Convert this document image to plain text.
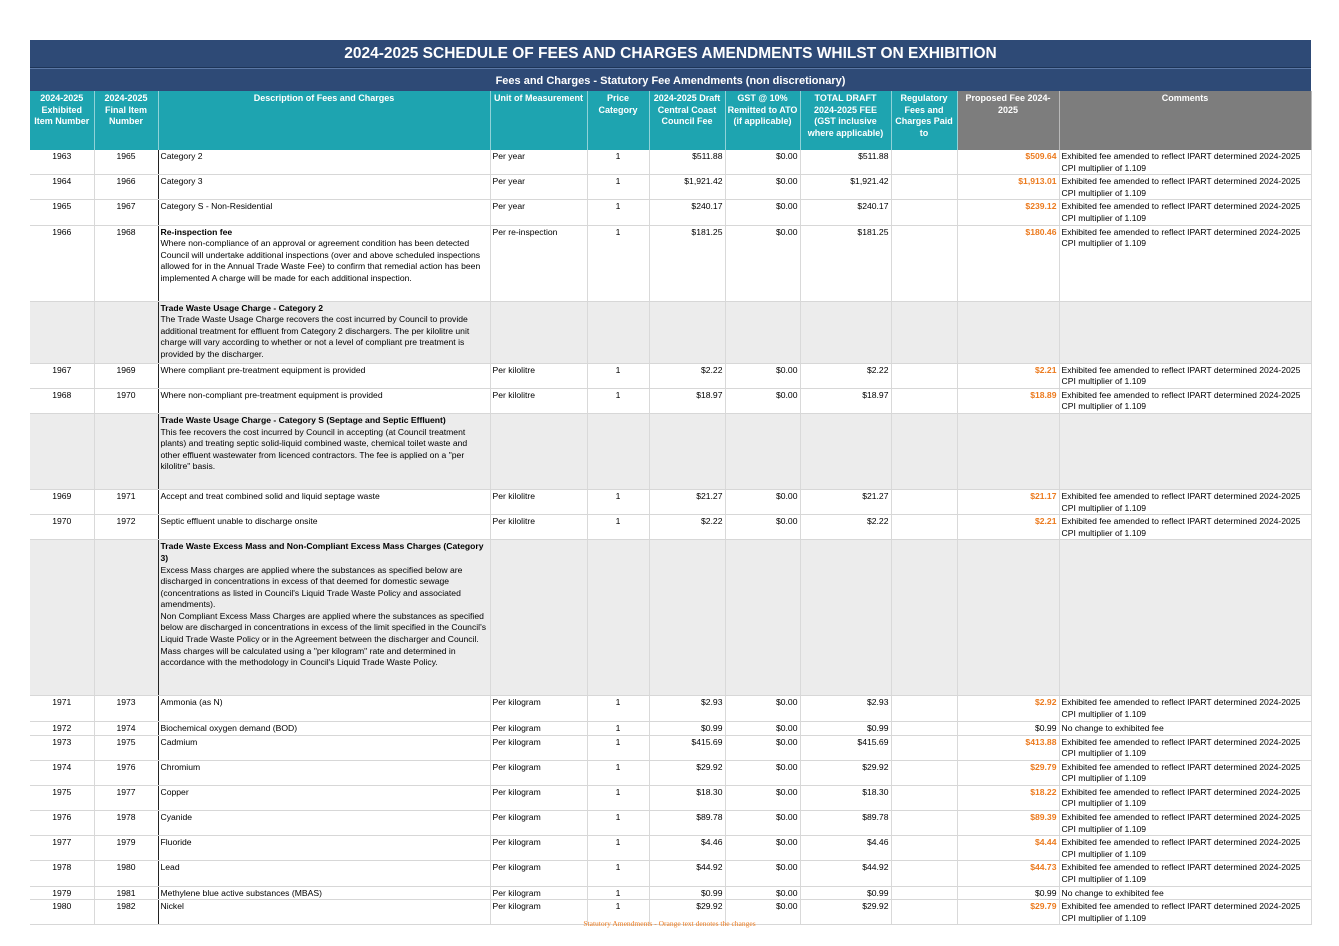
2024-2025 SCHEDULE OF FEES AND CHARGES AMENDMENTS WHILST ON EXHIBITION
Fees and Charges - Statutory Fee Amendments (non discretionary)
2024-2025 Exhibited Item Number	2024-2025 Final Item Number	Description of Fees and Charges	Unit of Measurement	Price Category	2024-2025 Draft Central Coast Council Fee	GST @ 10% Remitted to ATO (if applicable)	TOTAL DRAFT 2024-2025 FEE (GST inclusive where applicable)	Regulatory Fees and Charges Paid to	Proposed Fee 2024-2025	Comments
1963	1965	Category 2	Per year	1	$511.88	$0.00	$511.88		$509.64	Exhibited fee amended to reflect IPART determined 2024-2025 CPI multiplier of 1.109
1964	1966	Category 3	Per year	1	$1,921.42	$0.00	$1,921.42		$1,913.01	Exhibited fee amended to reflect IPART determined 2024-2025 CPI multiplier of 1.109
1965	1967	Category S - Non-Residential	Per year	1	$240.17	$0.00	$240.17		$239.12	Exhibited fee amended to reflect IPART determined 2024-2025 CPI multiplier of 1.109
1966	1968	Re-inspection fee
Where non-compliance of an approval or agreement condition has been detected Council will undertake additional inspections (over and above scheduled inspections allowed for in the Annual Trade Waste Fee) to confirm that remedial action has been implemented A charge will be made for each additional inspection.	Per re-inspection	1	$181.25	$0.00	$181.25		$180.46	Exhibited fee amended to reflect IPART determined 2024-2025 CPI multiplier of 1.109

		Trade Waste Usage Charge - Category 2
The Trade Waste Usage Charge recovers the cost incurred by Council to provide additional treatment for effluent from Category 2 dischargers. The per kilolitre unit charge will vary according to whether or not a level of compliant pre treatment is provided by the discharger.								

1967	1969	Where compliant pre-treatment equipment is provided	Per kilolitre	1	$2.22	$0.00	$2.22		$2.21	Exhibited fee amended to reflect IPART determined 2024-2025 CPI multiplier of 1.109
1968	1970	Where non-compliant pre-treatment equipment is provided	Per kilolitre	1	$18.97	$0.00	$18.97		$18.89	Exhibited fee amended to reflect IPART determined 2024-2025 CPI multiplier of 1.109

		Trade Waste Usage Charge - Category S (Septage and Septic Effluent)
This fee recovers the cost incurred by Council in accepting (at Council treatment plants) and treating septic solid-liquid combined waste, chemical toilet waste and other effluent wastewater from licenced contractors. The fee is applied on a "per kilolitre" basis.								

1969	1971	Accept and treat combined solid and liquid septage waste	Per kilolitre	1	$21.27	$0.00	$21.27		$21.17	Exhibited fee amended to reflect IPART determined 2024-2025 CPI multiplier of 1.109
1970	1972	Septic effluent unable to discharge onsite	Per kilolitre	1	$2.22	$0.00	$2.22		$2.21	Exhibited fee amended to reflect IPART determined 2024-2025 CPI multiplier of 1.109

		Trade Waste Excess Mass and Non-Compliant Excess Mass Charges (Category 3)
Excess Mass charges are applied where the substances as specified below are discharged in concentrations in excess of that deemed for domestic sewage (concentrations as listed in Council's Liquid Trade Waste Policy and associated amendments).
Non Compliant Excess Mass Charges are applied where the substances as specified below are discharged in concentrations in excess of the limit specified in the Council's Liquid Trade Waste Policy or in the Agreement between the discharger and Council.
Mass charges will be calculated using a "per kilogram" rate and determined in accordance with the methodology in Council's Liquid Trade Waste Policy.								

1971	1973	Ammonia (as N)	Per kilogram	1	$2.93	$0.00	$2.93		$2.92	Exhibited fee amended to reflect IPART determined 2024-2025 CPI multiplier of 1.109
1972	1974	Biochemical oxygen demand (BOD)	Per kilogram	1	$0.99	$0.00	$0.99		$0.99	No change to exhibited fee
1973	1975	Cadmium	Per kilogram	1	$415.69	$0.00	$415.69		$413.88	Exhibited fee amended to reflect IPART determined 2024-2025 CPI multiplier of 1.109
1974	1976	Chromium	Per kilogram	1	$29.92	$0.00	$29.92		$29.79	Exhibited fee amended to reflect IPART determined 2024-2025 CPI multiplier of 1.109
1975	1977	Copper	Per kilogram	1	$18.30	$0.00	$18.30		$18.22	Exhibited fee amended to reflect IPART determined 2024-2025 CPI multiplier of 1.109
1976	1978	Cyanide	Per kilogram	1	$89.78	$0.00	$89.78		$89.39	Exhibited fee amended to reflect IPART determined 2024-2025 CPI multiplier of 1.109
1977	1979	Fluoride	Per kilogram	1	$4.46	$0.00	$4.46		$4.44	Exhibited fee amended to reflect IPART determined 2024-2025 CPI multiplier of 1.109
1978	1980	Lead	Per kilogram	1	$44.92	$0.00	$44.92		$44.73	Exhibited fee amended to reflect IPART determined 2024-2025 CPI multiplier of 1.109
1979	1981	Methylene blue active substances (MBAS)	Per kilogram	1	$0.99	$0.00	$0.99		$0.99	No change to exhibited fee
1980	1982	Nickel	Per kilogram	1	$29.92	$0.00	$29.92		$29.79	Exhibited fee amended to reflect IPART determined 2024-2025 CPI multiplier of 1.109
Statutory Amendments - Orange text denotes the changes
